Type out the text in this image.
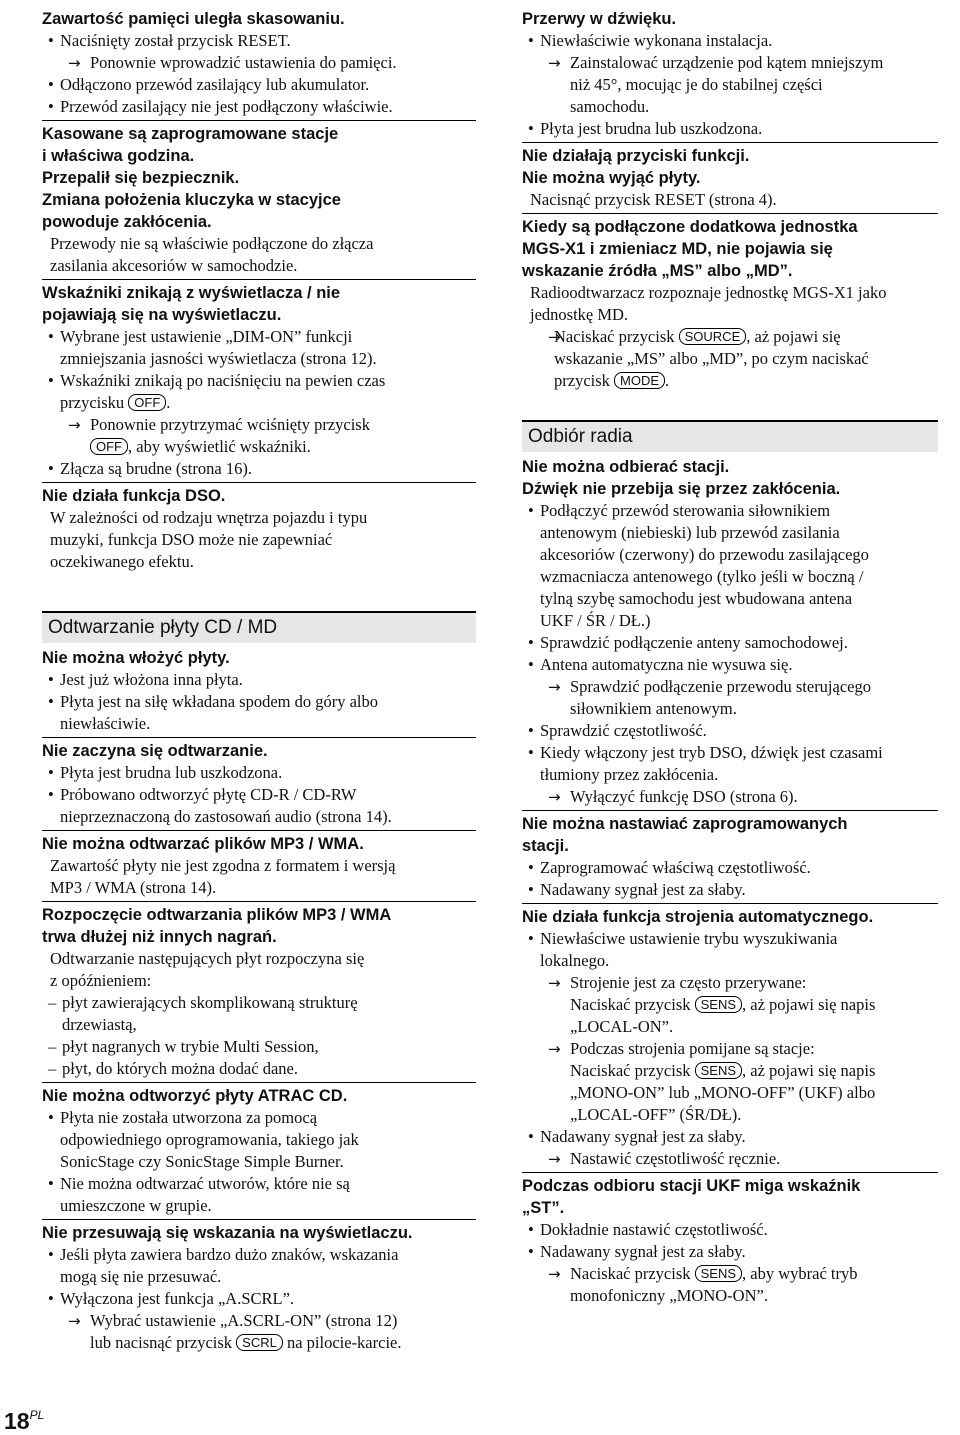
Zawartość pamięci uległa skasowaniu.

• Naciśnięty został przycisk RESET.

→ Ponownie wprowadzić ustawienia do pamięci.

• Odłączono przewód zasilający lub akumulator.

• Przewód zasilający nie jest podłączony właściwie.

Kasowane są zaprogramowane stacje

i właściwa godzina.

Przepalił się bezpiecznik.

Zmiana położenia kluczyka w stacyjce

powoduje zakłócenia.

Przewody nie są właściwie podłączone do złącza

zasilania akcesoriów w samochodzie.

Wskaźniki znikają z wyświetlacza / nie

pojawiają się na wyświetlaczu.

• Wybrane jest ustawienie „DIM-ON” funkcji

zmniejszania jasności wyświetlacza (strona 12).

• Wskaźniki znikają po naciśnięciu na pewien czas

przycisku OFF .

→ Ponownie przytrzymać wciśnięty przycisk

OFF , aby wyświetlić wskaźniki.

• Złącza są brudne (strona 16).

Nie działa funkcja DSO.

W zależności od rodzaju wnętrza pojazdu i typu

muzyki, funkcja DSO może nie zapewniać

oczekiwanego efektu.

Odtwarzanie płyty CD / MD

Nie można włożyć płyty.

• Jest już włożona inna płyta.

• Płyta jest na siłę wkładana spodem do góry albo

niewłaściwie.

Nie zaczyna się odtwarzanie.

• Płyta jest brudna lub uszkodzona.

• Próbowano odtworzyć płytę CD-R / CD-RW

nieprzeznaczoną do zastosowań audio (strona 14).

Nie można odtwarzać plików MP3 / WMA.

Zawartość płyty nie jest zgodna z formatem i wersją

MP3 / WMA (strona 14).

Rozpoczęcie odtwarzania plików MP3 / WMA

trwa dłużej niż innych nagrań.

Odtwarzanie następujących płyt rozpoczyna się

z opóźnieniem:

– płyt zawierających skomplikowaną strukturę

drzewiastą,

– płyt nagranych w trybie Multi Session,

– płyt, do których można dodać dane.

Nie można odtworzyć płyty ATRAC CD.

• Płyta nie została utworzona za pomocą

odpowiedniego oprogramowania, takiego jak

SonicStage czy SonicStage Simple Burner.

• Nie można odtwarzać utworów, które nie są

umieszczone w grupie.

Nie przesuwają się wskazania na wyświetlaczu.

• Jeśli płyta zawiera bardzo dużo znaków, wskazania

mogą się nie przesuwać.

• Wyłączona jest funkcja „A.SCRL”.

→ Wybrać ustawienie „A.SCRL-ON” (strona 12)

lub nacisnąć przycisk SCRL na pilocie-karcie.

Przerwy w dźwięku.

• Niewłaściwie wykonana instalacja.

→ Zainstalować urządzenie pod kątem mniejszym

niż 45°, mocując je do stabilnej części

samochodu.

• Płyta jest brudna lub uszkodzona.

Nie działają przyciski funkcji.

Nie można wyjąć płyty.

Nacisnąć przycisk RESET (strona 4).

Kiedy są podłączone dodatkowa jednostka

MGS-X1 i zmieniacz MD, nie pojawia się

wskazanie źródła „MS” albo „MD”.

Radioodtwarzacz rozpoznaje jednostkę MGS-X1 jako

jednostkę MD.

→ Naciskać przycisk SOURCE , aż pojawi się

wskazanie „MS” albo „MD”, po czym naciskać

przycisk MODE .

Odbiór radia

Nie można odbierać stacji.

Dźwięk nie przebija się przez zakłócenia.

• Podłączyć przewód sterowania siłownikiem

antenowym (niebieski) lub przewód zasilania

akcesoriów (czerwony) do przewodu zasilającego

wzmacniacza antenowego (tylko jeśli w boczną /

tylną szybę samochodu jest wbudowana antena

UKF / ŚR / DŁ.)

• Sprawdzić podłączenie anteny samochodowej.

• Antena automatyczna nie wysuwa się.

→ Sprawdzić podłączenie przewodu sterującego

siłownikiem antenowym.

• Sprawdzić częstotliwość.

• Kiedy włączony jest tryb DSO, dźwięk jest czasami

tłumiony przez zakłócenia.

→ Wyłączyć funkcję DSO (strona 6).

Nie można nastawiać zaprogramowanych

stacji.

• Zaprogramować właściwą częstotliwość.

• Nadawany sygnał jest za słaby.

Nie działa funkcja strojenia automatycznego.

• Niewłaściwe ustawienie trybu wyszukiwania

lokalnego.

→ Strojenie jest za często przerywane:

Naciskać przycisk SENS , aż pojawi się napis

„LOCAL-ON”.

→ Podczas strojenia pomijane są stacje:

Naciskać przycisk SENS , aż pojawi się napis

„MONO-ON” lub „MONO-OFF” (UKF) albo

„LOCAL-OFF” (ŚR/DŁ).

• Nadawany sygnał jest za słaby.

→ Nastawić częstotliwość ręcznie.

Podczas odbioru stacji UKF miga wskaźnik

„ST”.

• Dokładnie nastawić częstotliwość.

• Nadawany sygnał jest za słaby.

→ Naciskać przycisk SENS , aby wybrać tryb

monofoniczny „MONO-ON”.

$18^{PL}$
